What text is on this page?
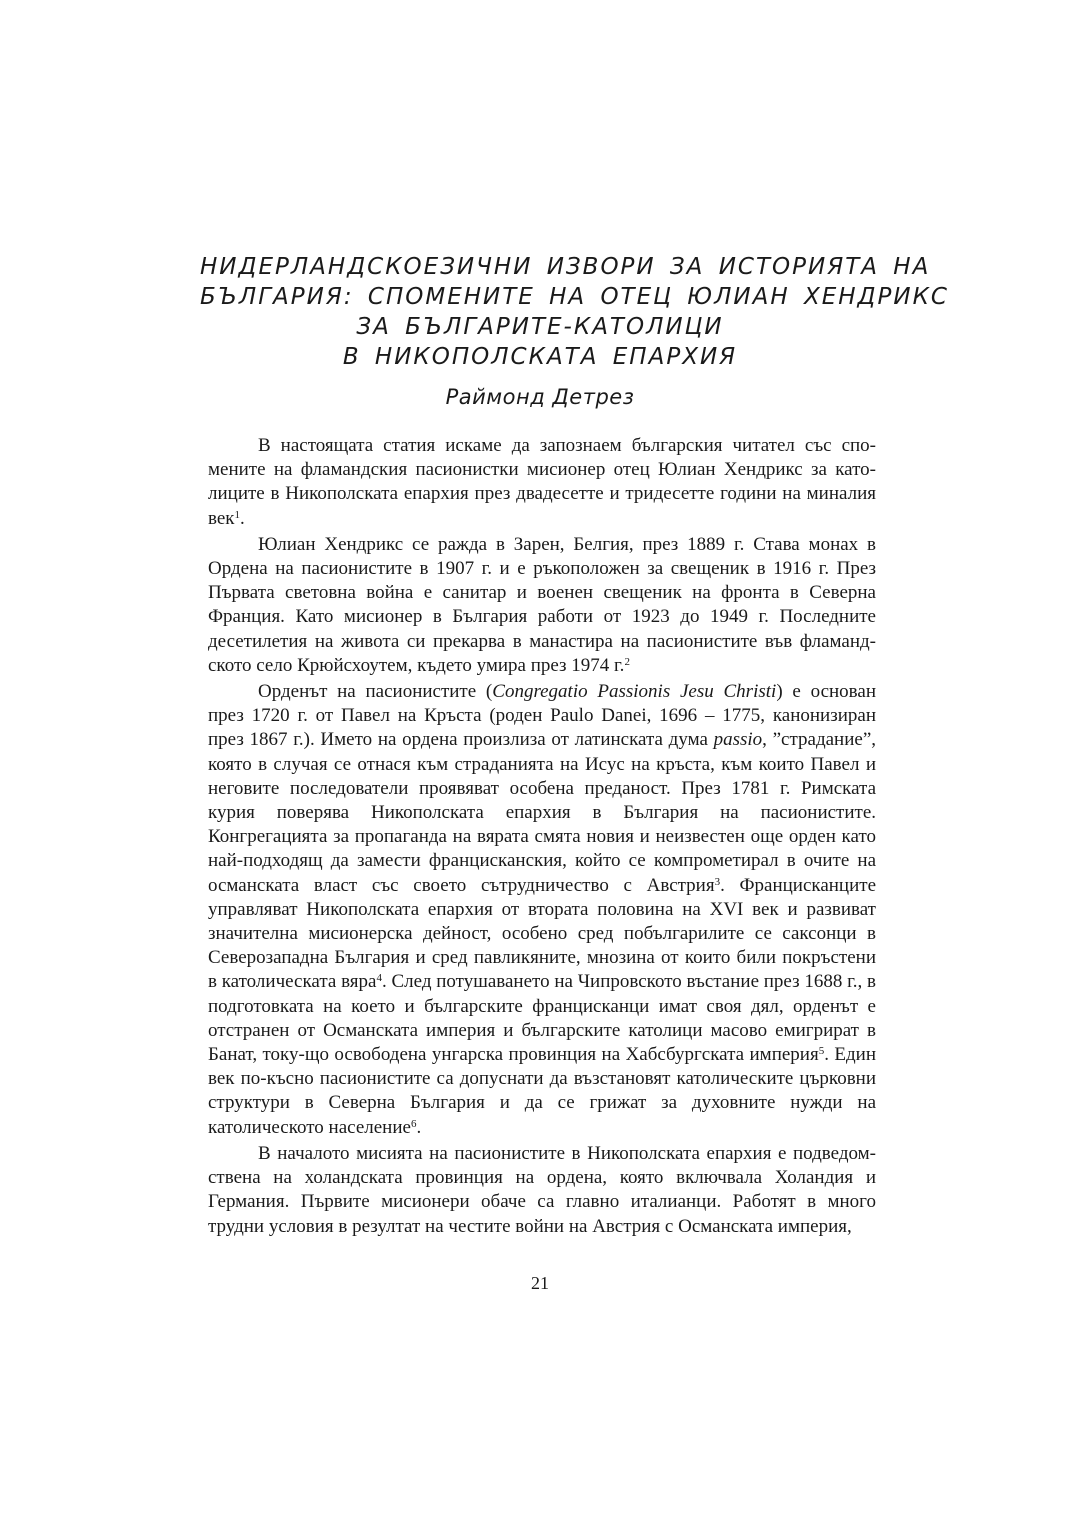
НИДЕРЛАНДСКОЕЗИЧНИ ИЗВОРИ ЗА ИСТОРИЯТА НА
БЪЛГАРИЯ: СПОМЕНИТЕ НА ОТЕЦ ЮЛИАН ХЕНДРИКС
ЗА БЪЛГАРИТЕ-КАТОЛИЦИ
В НИКОПОЛСКАТА ЕПАРХИЯ
Раймонд Детрез

В настоящата статия искаме да запознаем българския читател със спомените на фламандския пасионистки мисионер отец Юлиан Хендрикс за католиците в Никополската епархия през двадесетте и тридесетте години на миналия век$^1$.

Юлиан Хендрикс се ражда в Зарен, Белгия, през 1889 г. Става монах в Ордена на пасионистите в 1907 г. и е ръкоположен за свещеник в 1916 г. През Първата световна война е санитар и военен свещеник на фронта в Северна Франция. Като мисионер в България работи от 1923 до 1949 г. Последните десетилетия на живота си прекарва в манастира на пасионистите във фламандското село Крюйсхоутем, където умира през 1974 г.$^2$

Орденът на пасионистите (Congregatio Passionis Jesu Christi) е основан през 1720 г. от Павел на Кръста (роден Paulo Danei, 1696 – 1775, канонизиран през 1867 г.). Името на ордена произлиза от латинската дума passio, ”страдание”, която в случая се отнася към страданията на Исус на кръста, към които Павел и неговите последователи проявяват особена преданост. През 1781 г. Римската курия поверява Никополската епархия в България на пасионистите. Конгрегацията за пропаганда на вярата смята новия и неизвестен още орден като най-подходящ да замести францисканския, който се компрометирал в очите на османската власт със своето сътрудничество с Австрия$^3$. Францисканците управляват Никополската епархия от втората половина на XVI век и развиват значителна мисионерска дейност, особено сред побългарилите се саксонци в Северозападна България и сред павликяните, мнозина от които били покръстени в католическата вяра$^4$. След потушаването на Чипровското въстание през 1688 г., в подготовката на което и българските францисканци имат своя дял, орденът е отстранен от Османската империя и българските католици масово емигрират в Банат, току-що освободена унгарска провинция на Хабсбургската империя$^5$. Един век по-късно пасионистите са допуснати да възстановят католическите църковни структури в Северна България и да се грижат за духовните нужди на католическото население$^6$.

В началото мисията на пасионистите в Никополската епархия е подведомствена на холандската провинция на ордена, която включвала Холандия и Германия. Първите мисионери обаче са главно италианци. Работят в много трудни условия в резултат на честите войни на Австрия с Османската империя,

21
